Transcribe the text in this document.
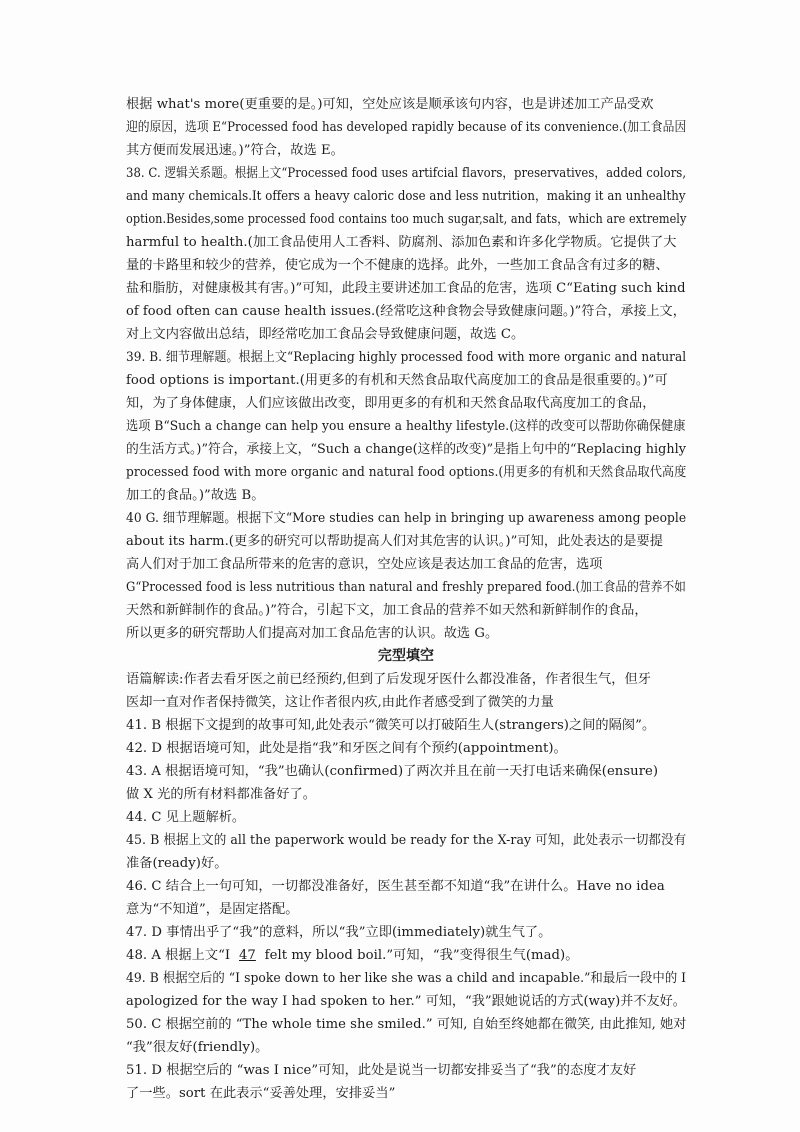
根据 what's more(更重要的是。)可知，空处应该是顺承该句内容，也是讲述加工产品受欢
迎的原因，选项 E“Processed food has developed rapidly because of its convenience.(加工食品因
其方便而发展迅速。)”符合，故选 E。
38. C. 逻辑关系题。根据上文“Processed food uses artifcial flavors，preservatives，added colors,
and many chemicals.It offers a heavy caloric dose and less nutrition，making it an unhealthy
option.Besides,some processed food contains too much sugar,salt, and fats，which are extremely
harmful to health.(加工食品使用人工香料、防腐剂、添加色素和许多化学物质。它提供了大
量的卡路里和较少的营养，使它成为一个不健康的选择。此外，一些加工食品含有过多的糖、
盐和脂肪，对健康极其有害。)”可知，此段主要讲述加工食品的危害，选项 C“Eating such kind
of food often can cause health issues.(经常吃这种食物会导致健康问题。)”符合，承接上文，
对上文内容做出总结，即经常吃加工食品会导致健康问题，故选 C。
39. B. 细节理解题。根据上文“Replacing highly processed food with more organic and natural
food options is important.(用更多的有机和天然食品取代高度加工的食品是很重要的。)”可
知，为了身体健康，人们应该做出改变，即用更多的有机和天然食品取代高度加工的食品，
选项 B“Such a change can help you ensure a healthy lifestyle.(这样的改变可以帮助你确保健康
的生活方式。)”符合，承接上文，“Such a change(这样的改变)”是指上句中的“Replacing highly
processed food with more organic and natural food options.(用更多的有机和天然食品取代高度
加工的食品。)”故选 B。
40 G. 细节理解题。根据下文“More studies can help in bringing up awareness among people
about its harm.(更多的研究可以帮助提高人们对其危害的认识。)”可知，此处表达的是要提
高人们对于加工食品所带来的危害的意识，空处应该是表达加工食品的危害，选项
G“Processed food is less nutritious than natural and freshly prepared food.(加工食品的营养不如
天然和新鲜制作的食品。)”符合，引起下文，加工食品的营养不如天然和新鲜制作的食品，
所以更多的研究帮助人们提高对加工食品危害的认识。故选 G。
完型填空
语篇解读:作者去看牙医之前已经预约,但到了后发现牙医什么都没准备，作者很生气，但牙
医却一直对作者保持微笑，这让作者很内疚,由此作者感受到了微笑的力量
41. B 根据下文提到的故事可知,此处表示“微笑可以打破陌生人(strangers)之间的隔阂”。
42. D 根据语境可知，此处是指“我”和牙医之间有个预约(appointment)。
43. A 根据语境可知，“我”也确认(confirmed)了两次并且在前一天打电话来确保(ensure)
做 X 光的所有材料都准备好了。
44. C 见上题解析。
45. B 根据上文的 all the paperwork would be ready for the X-ray 可知，此处表示一切都没有
准备(ready)好。
46. C 结合上一句可知，一切都没准备好，医生甚至都不知道“我”在讲什么。Have no idea
意为“不知道”，是固定搭配。
47. D 事情出乎了“我”的意料，所以“我”立即(immediately)就生气了。
48. A 根据上文“I 47 felt my blood boil.”可知，“我”变得很生气(mad)。
49. B 根据空后的 “I spoke down to her like she was a child and incapable.”和最后一段中的 I
apologized for the way I had spoken to her.” 可知，“我”跟她说话的方式(way)并不友好。
50. C 根据空前的 “The whole time she smiled.” 可知, 自始至终她都在微笑, 由此推知, 她对
“我”很友好(friendly)。
51. D 根据空后的 “was I nice”可知，此处是说当一切都安排妥当了“我”的态度才友好
了一些。sort 在此表示“妥善处理，安排妥当”
